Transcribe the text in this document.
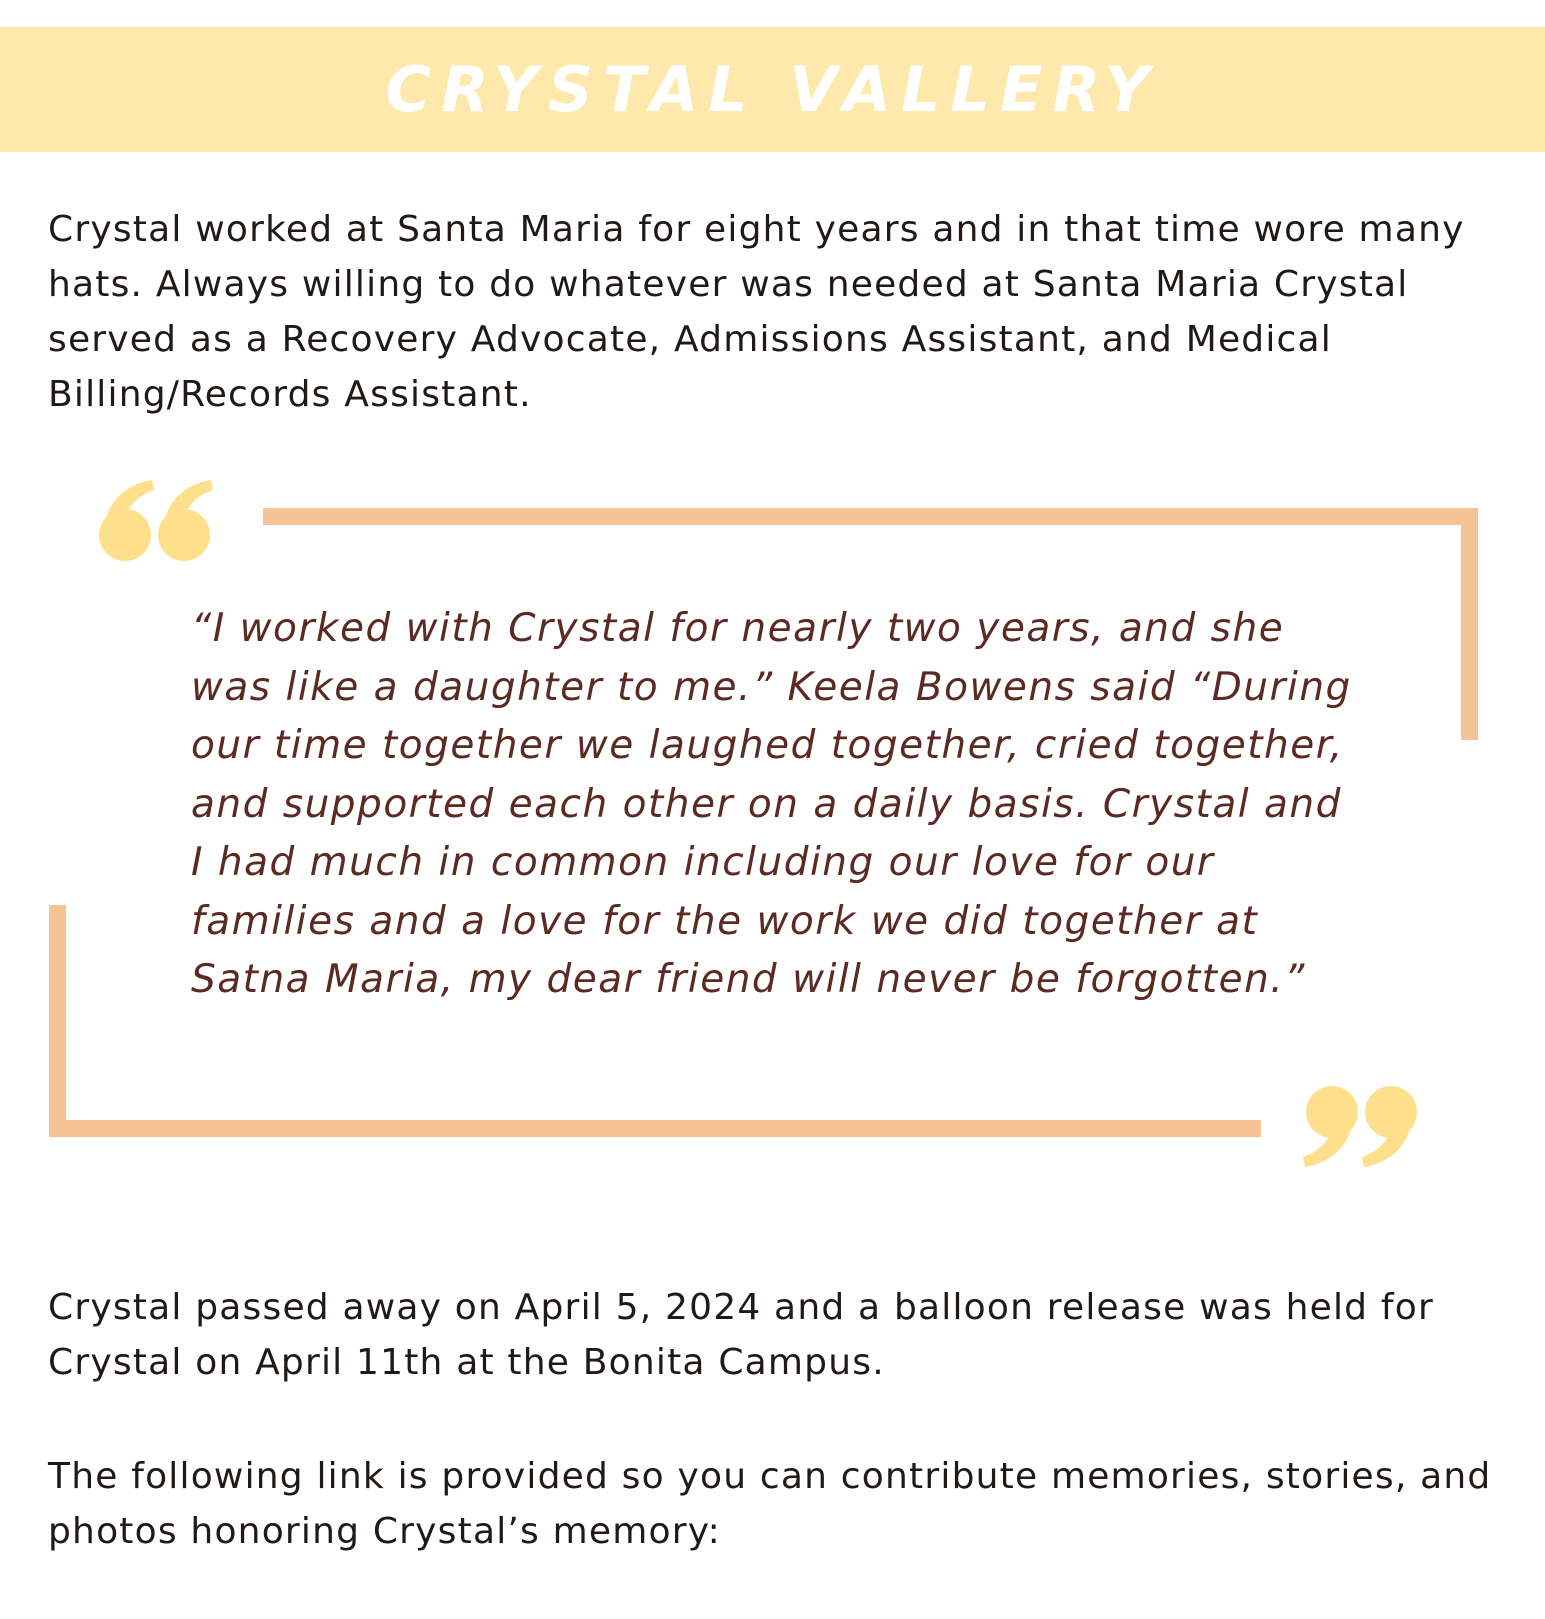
CRYSTAL VALLERY

Crystal worked at Santa Maria for eight years and in that time wore many hats. Always willing to do whatever was needed at Santa Maria Crystal served as a Recovery Advocate, Admissions Assistant, and Medical Billing/Records Assistant.

“I worked with Crystal for nearly two years, and she was like a daughter to me.” Keela Bowens said “During our time together we laughed together, cried together, and supported each other on a daily basis. Crystal and I had much in common including our love for our families and a love for the work we did together at Satna Maria, my dear friend will never be forgotten.”

Crystal passed away on April 5, 2024 and a balloon release was held for Crystal on April 11th at the Bonita Campus.

The following link is provided so you can contribute memories, stories, and photos honoring Crystal’s memory:
